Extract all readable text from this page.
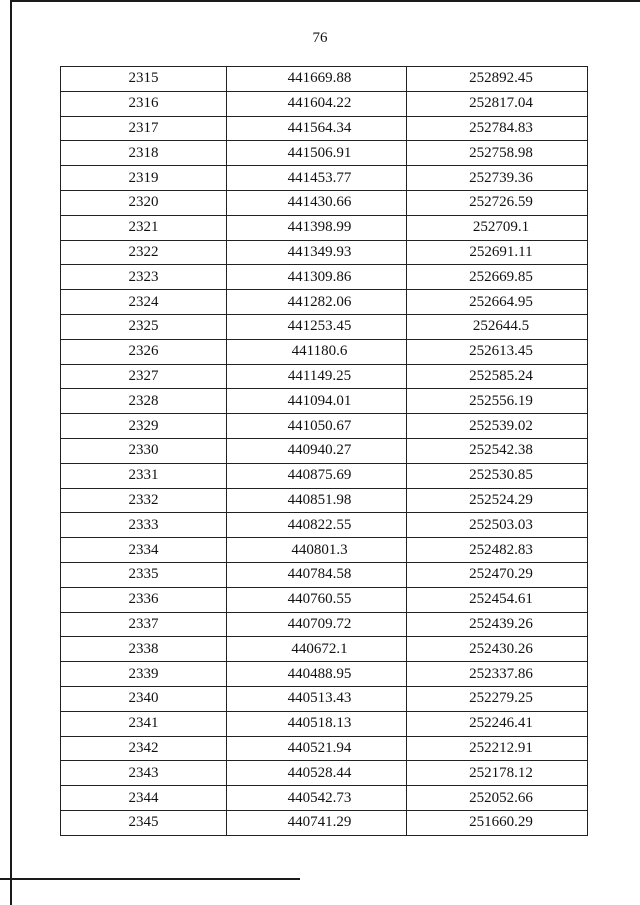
76
2315	441669.88	252892.45
2316	441604.22	252817.04
2317	441564.34	252784.83
2318	441506.91	252758.98
2319	441453.77	252739.36
2320	441430.66	252726.59
2321	441398.99	252709.1
2322	441349.93	252691.11
2323	441309.86	252669.85
2324	441282.06	252664.95
2325	441253.45	252644.5
2326	441180.6	252613.45
2327	441149.25	252585.24
2328	441094.01	252556.19
2329	441050.67	252539.02
2330	440940.27	252542.38
2331	440875.69	252530.85
2332	440851.98	252524.29
2333	440822.55	252503.03
2334	440801.3	252482.83
2335	440784.58	252470.29
2336	440760.55	252454.61
2337	440709.72	252439.26
2338	440672.1	252430.26
2339	440488.95	252337.86
2340	440513.43	252279.25
2341	440518.13	252246.41
2342	440521.94	252212.91
2343	440528.44	252178.12
2344	440542.73	252052.66
2345	440741.29	251660.29
